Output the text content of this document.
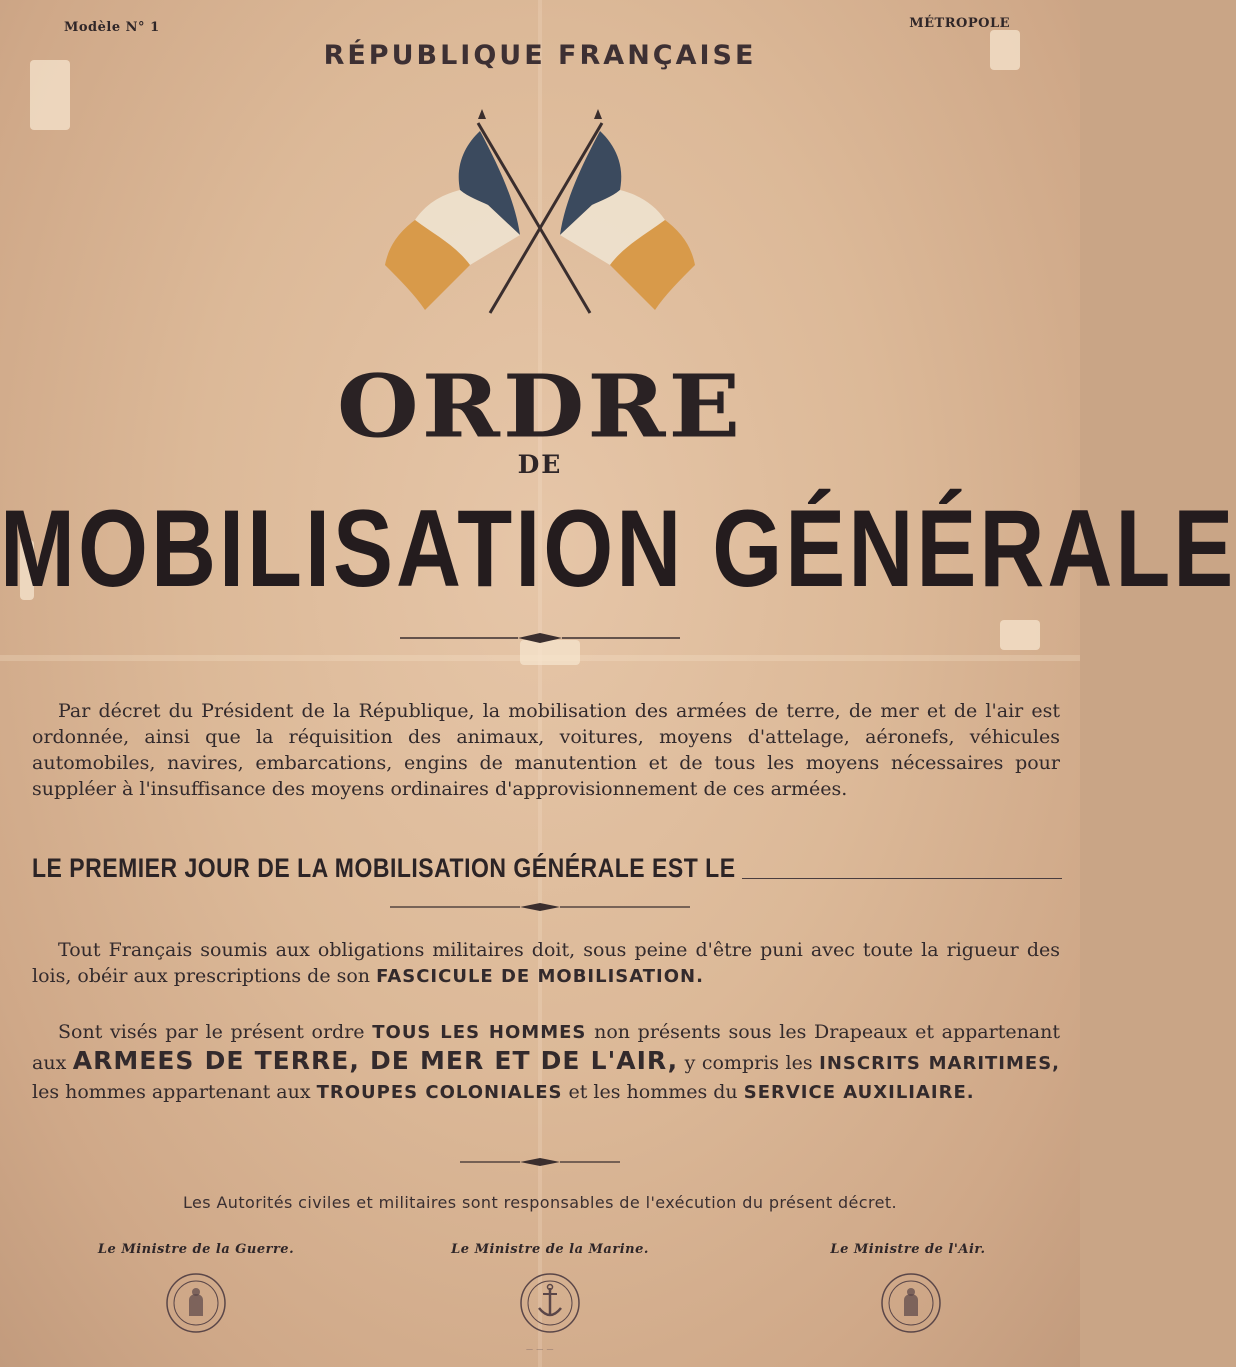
Modèle N° 1	MÉTROPOLE
RÉPUBLIQUE FRANÇAISE
ORDRE
DE
MOBILISATION GÉNÉRALE
Par décret du Président de la République, la mobilisation des armées de terre, de mer et de l'air est ordonnée, ainsi que la réquisition des animaux, voitures, moyens d'attelage, aéronefs, véhicules automobiles, navires, embarcations, engins de manutention et de tous les moyens nécessaires pour suppléer à l'insuffisance des moyens ordinaires d'approvisionnement de ces armées.
LE PREMIER JOUR DE LA MOBILISATION GÉNÉRALE EST LE
Tout Français soumis aux obligations militaires doit, sous peine d'être puni avec toute la rigueur des lois, obéir aux prescriptions de son FASCICULE DE MOBILISATION.
Sont visés par le présent ordre TOUS LES HOMMES non présents sous les Drapeaux et appartenant aux ARMEES DE TERRE, DE MER ET DE L'AIR, y compris les INSCRITS MARITIMES, les hommes appartenant aux TROUPES COLONIALES et les hommes du SERVICE AUXILIAIRE.
Les Autorités civiles et militaires sont responsables de l'exécution du présent décret.
Le Ministre de la Guerre.	Le Ministre de la Marine.	Le Ministre de l'Air.
— — —
